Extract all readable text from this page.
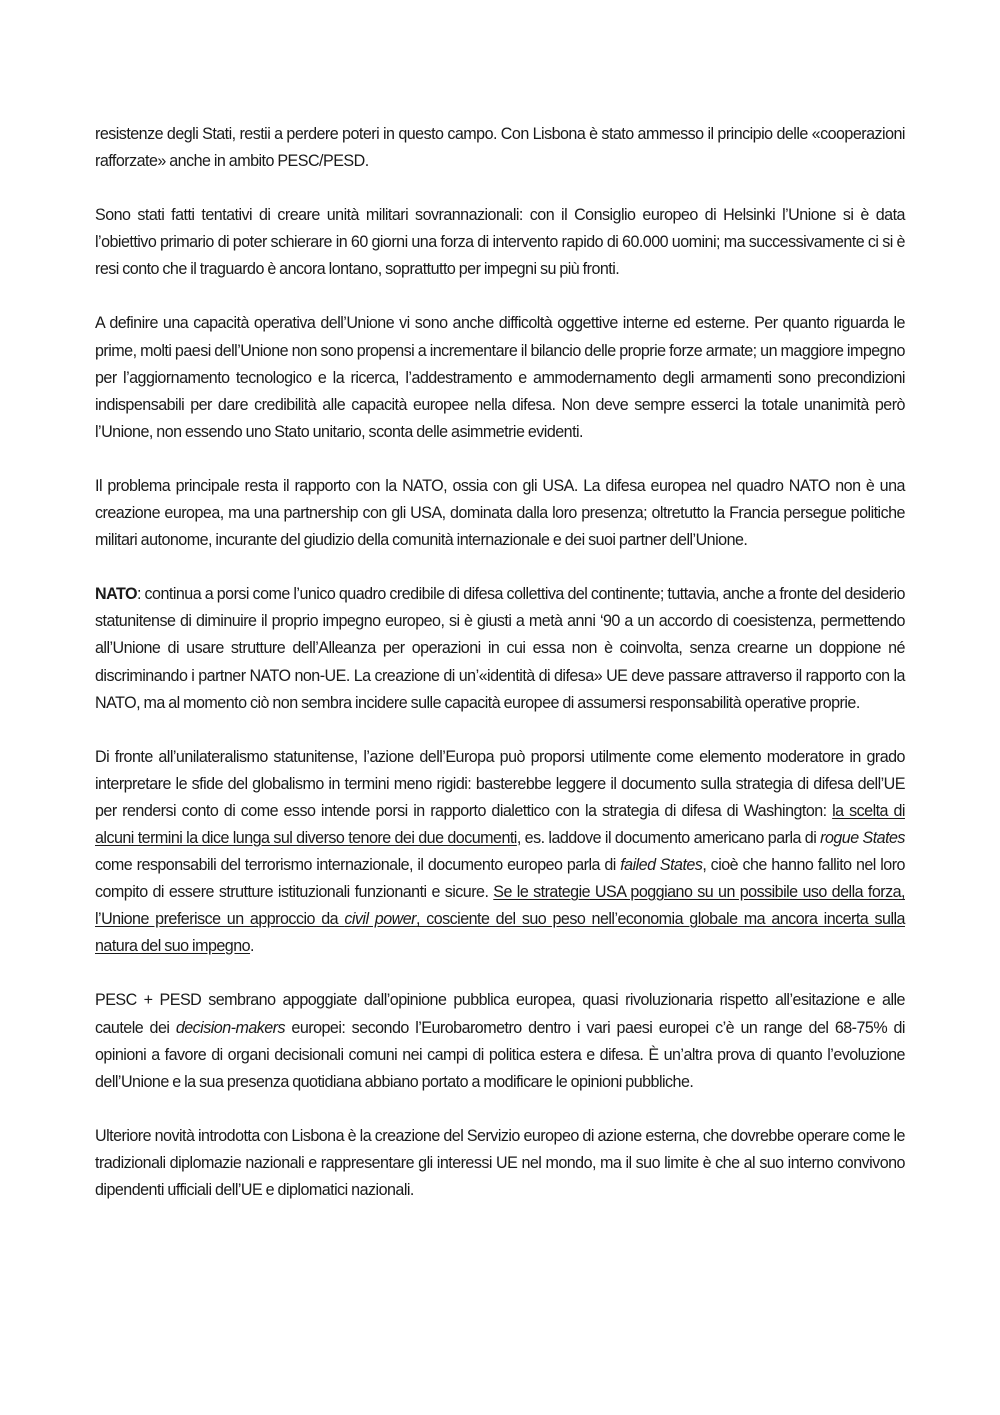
resistenze degli Stati, restii a perdere poteri in questo campo. Con Lisbona è stato ammesso il principio delle «cooperazioni rafforzate» anche in ambito PESC/PESD.

Sono stati fatti tentativi di creare unità militari sovrannazionali: con il Consiglio europeo di Helsinki l’Unione si è data l’obiettivo primario di poter schierare in 60 giorni una forza di intervento rapido di 60.000 uomini; ma successivamente ci si è resi conto che il traguardo è ancora lontano, soprattutto per impegni su più fronti.

A definire una capacità operativa dell’Unione vi sono anche difficoltà oggettive interne ed esterne. Per quanto riguarda le prime, molti paesi dell’Unione non sono propensi a incrementare il bilancio delle proprie forze armate; un maggiore impegno per l’aggiornamento tecnologico e la ricerca, l’addestramento e ammodernamento degli armamenti sono precondizioni indispensabili per dare credibilità alle capacità europee nella difesa. Non deve sempre esserci la totale unanimità però l’Unione, non essendo uno Stato unitario, sconta delle asimmetrie evidenti.

Il problema principale resta il rapporto con la NATO, ossia con gli USA. La difesa europea nel quadro NATO non è una creazione europea, ma una partnership con gli USA, dominata dalla loro presenza; oltretutto la Francia persegue politiche militari autonome, incurante del giudizio della comunità internazionale e dei suoi partner dell’Unione.

NATO: continua a porsi come l’unico quadro credibile di difesa collettiva del continente; tuttavia, anche a fronte del desiderio statunitense di diminuire il proprio impegno europeo, si è giusti a metà anni ‘90 a un accordo di coesistenza, permettendo all’Unione di usare strutture dell’Alleanza per operazioni in cui essa non è coinvolta, senza crearne un doppione né discriminando i partner NATO non-UE. La creazione di un’«identità di difesa» UE deve passare attraverso il rapporto con la NATO, ma al momento ciò non sembra incidere sulle capacità europee di assumersi responsabilità operative proprie.

Di fronte all’unilateralismo statunitense, l’azione dell’Europa può proporsi utilmente come elemento moderatore in grado interpretare le sfide del globalismo in termini meno rigidi: basterebbe leggere il documento sulla strategia di difesa dell’UE per rendersi conto di come esso intende porsi in rapporto dialettico con la strategia di difesa di Washington: la scelta di alcuni termini la dice lunga sul diverso tenore dei due documenti, es. laddove il documento americano parla di rogue States come responsabili del terrorismo internazionale, il documento europeo parla di failed States, cioè che hanno fallito nel loro compito di essere strutture istituzionali funzionanti e sicure. Se le strategie USA poggiano su un possibile uso della forza, l’Unione preferisce un approccio da civil power, cosciente del suo peso nell’economia globale ma ancora incerta sulla natura del suo impegno.

PESC + PESD sembrano appoggiate dall’opinione pubblica europea, quasi rivoluzionaria rispetto all’esitazione e alle cautele dei decision-makers europei: secondo l’Eurobarometro dentro i vari paesi europei c’è un range del 68-75% di opinioni a favore di organi decisionali comuni nei campi di politica estera e difesa. È un’altra prova di quanto l’evoluzione dell’Unione e la sua presenza quotidiana abbiano portato a modificare le opinioni pubbliche.

Ulteriore novità introdotta con Lisbona è la creazione del Servizio europeo di azione esterna, che dovrebbe operare come le tradizionali diplomazie nazionali e rappresentare gli interessi UE nel mondo, ma il suo limite è che al suo interno convivono dipendenti ufficiali dell’UE e diplomatici nazionali.
